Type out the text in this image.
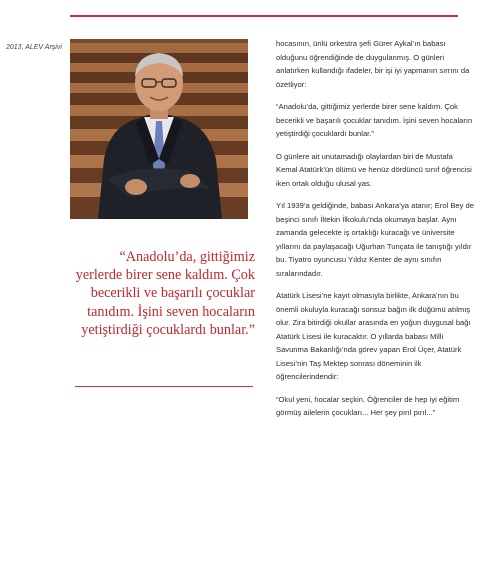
2013, ALEV Arşivi

“Anadolu’da, gittiğimiz yerlerde birer sene kaldım. Çok becerikli ve başarılı çocuklar tanıdım. İşini seven hocaların yetiştirdiği çocuklardı bunlar.”

hocasının, ünlü orkestra şefi Gürer Aykal’ın babası olduğunu öğrendiğinde de duygulanmış. O günleri anlatırken kullandığı ifadeler, bir işi iyi yapmanın sırrını da özetliyor:

“Anadolu’da, gittiğimiz yerlerde birer sene kaldım. Çok becerikli ve başarılı çocuklar tanıdım. İşini seven hocaların yetiştirdiği çocuklardı bunlar.”

O günlere ait unutamadığı olaylardan biri de Mustafa Kemal Atatürk’ün ölümü ve henüz dördüncü sınıf öğrencisi iken ortak olduğu ulusal yas.

Yıl 1939’a geldiğinde, babası Ankara’ya atanır; Erol Bey de beşinci sınıfı İltekin İlkokulu’nda okumaya başlar. Aynı zamanda gelecekte iş ortaklığı kuracağı ve üniversite yıllarını da paylaşacağı Uğurhan Tunçata ile tanıştığı yıldır bu. Tiyatro oyuncusu Yıldız Kenter de aynı sınıfın sıralarındadır.

Atatürk Lisesi’ne kayıt olmasıyla birlikte, Ankara’nın bu önemli okuluyla kuracağı sonsuz bağın ilk düğümü atılmış olur. Zira bitirdiği okullar arasında en yoğun duygusal bağı Atatürk Lisesi ile kuracaktır. O yıllarda babası Milli Savunma Bakanlığı’nda görev yapan Erol Üçer, Atatürk Lisesi’nin Taş Mektep sonrası döneminin ilk öğrencilerindendir:

“Okul yeni, hocalar seçkin. Öğrenciler de hep iyi eğitim görmüş ailelerin çocukları... Her şey pırıl pırıl...”
